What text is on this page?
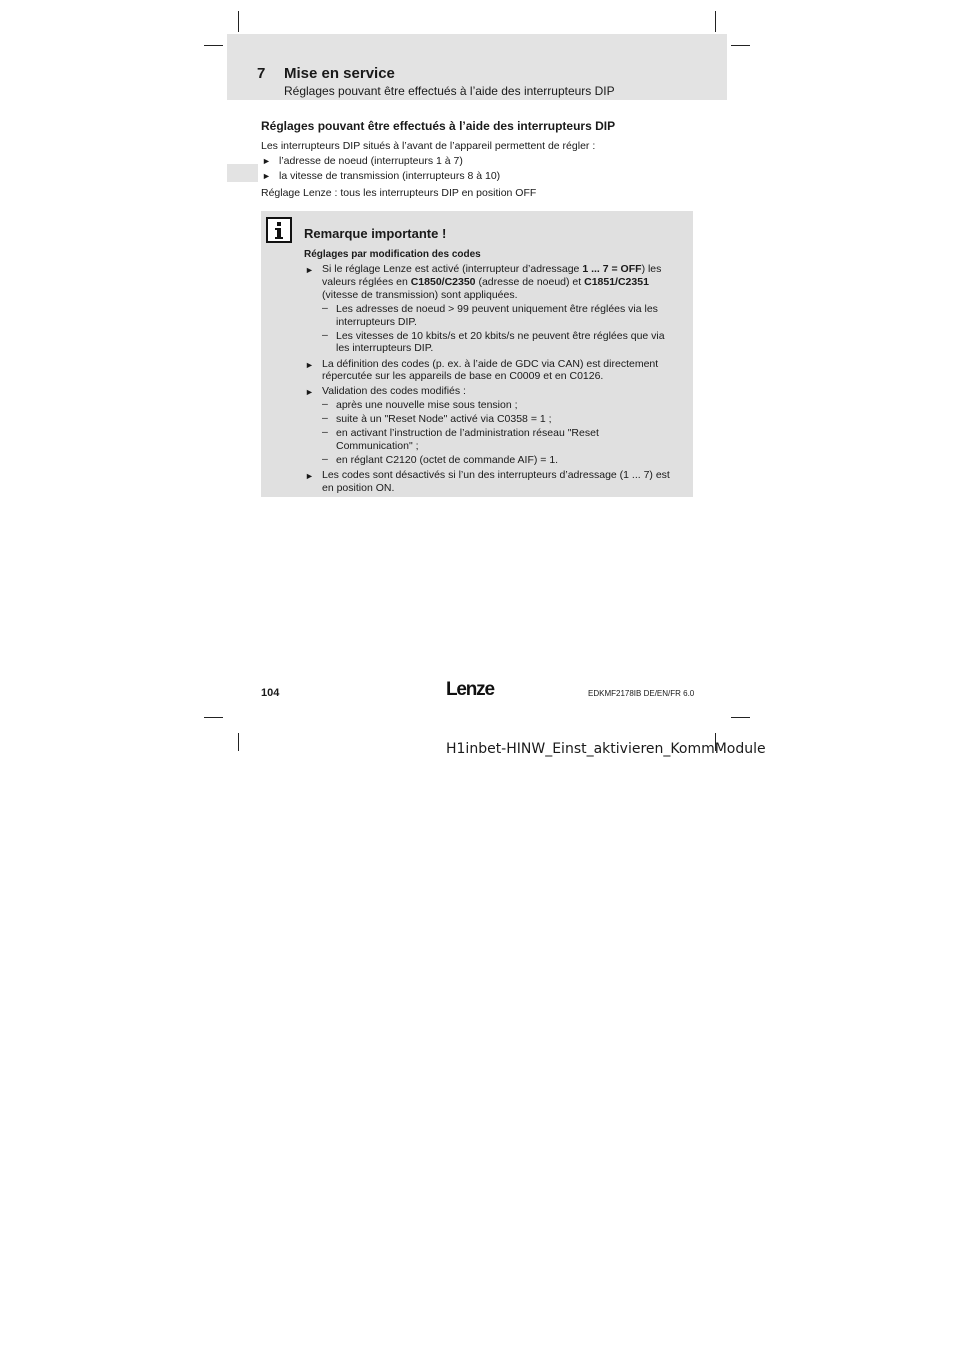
7 Mise en service
Réglages pouvant être effectués à l’aide des interrupteurs DIP
Réglages pouvant être effectués à l’aide des interrupteurs DIP
Les interrupteurs DIP situés à l’avant de l’appareil permettent de régler :
► l’adresse de noeud (interrupteurs 1 à 7)
► la vitesse de transmission (interrupteurs 8 à 10)
Réglage Lenze : tous les interrupteurs DIP en position OFF
Remarque importante !
Réglages par modification des codes
► Si le réglage Lenze est activé (interrupteur d’adressage 1 ... 7 = OFF) les
valeurs réglées en C1850/C2350 (adresse de noeud) et C1851/C2351
(vitesse de transmission) sont appliquées.
– Les adresses de noeud > 99 peuvent uniquement être réglées via les
interrupteurs DIP.
– Les vitesses de 10 kbits/s et 20 kbits/s ne peuvent être réglées que via
les interrupteurs DIP.
► La définition des codes (p. ex. à l’aide de GDC via CAN) est directement
répercutée sur les appareils de base en C0009 et en C0126.
► Validation des codes modifiés :
– après une nouvelle mise sous tension ;
– suite à un "Reset Node" activé via C0358 = 1 ;
– en activant l’instruction de l’administration réseau "Reset
Communication" ;
– en réglant C2120 (octet de commande AIF) = 1.
► Les codes sont désactivés si l’un des interrupteurs d’adressage (1 ... 7) est
en position ON.
104	Lenze	EDKMF2178IB DE/EN/FR 6.0
H1inbet-HINW_Einst_aktivieren_KommModule
